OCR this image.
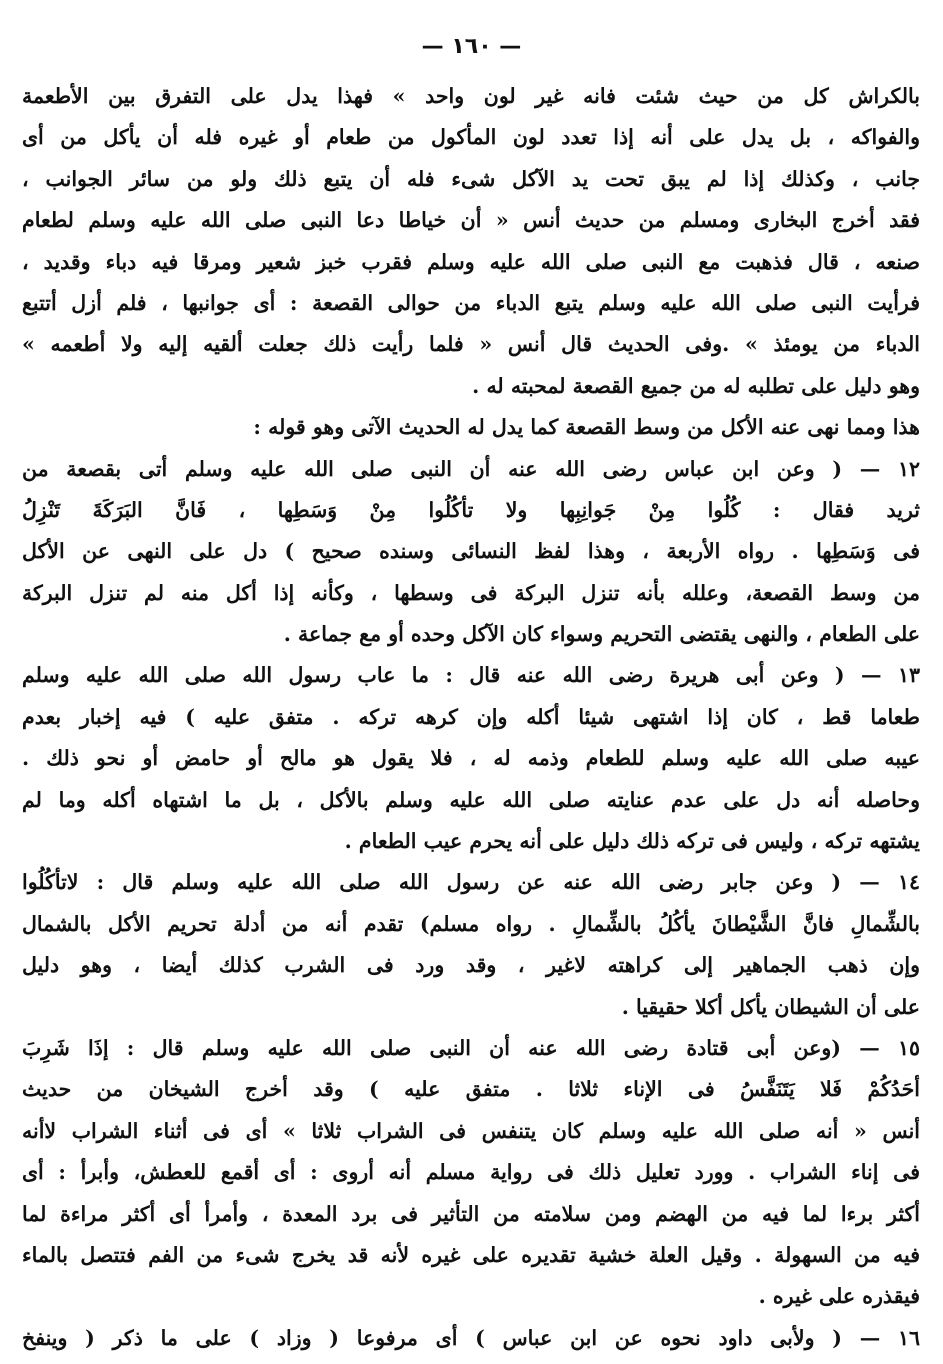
— ١٦٠ —
بالكراش كل من حيث شئت فانه غير لون واحد » فهذا يدل على التفرق بين الأطعمة
والفواكه ، بل يدل على أنه إذا تعدد لون المأكول من طعام أو غيره فله أن يأكل من أى
جانب ، وكذلك إذا لم يبق تحت يد الآكل شىء فله أن يتبع ذلك ولو من سائر الجوانب ،
فقد أخرج البخارى ومسلم من حديث أنس « أن خياطا دعا النبى صلى الله عليه وسلم لطعام
صنعه ، قال فذهبت مع النبى صلى الله عليه وسلم فقرب خبز شعير ومرقا فيه دباء وقديد ،
فرأيت النبى صلى الله عليه وسلم يتبع الدباء من حوالى القصعة : أى جوانبها ، فلم أزل أتتبع
الدباء من يومئذ » .وفى الحديث قال أنس « فلما رأيت ذلك جعلت ألقيه إليه ولا أطعمه »
وهو دليل على تطلبه له من جميع القصعة لمحبته له .
هذا ومما نهى عنه الأكل من وسط القصعة كما يدل له الحديث الآتى وهو قوله :
١٢ — ( وعن ابن عباس رضى الله عنه أن النبى صلى الله عليه وسلم أتى بقصعة من
ثريد فقال : كُلُوا مِنْ جَوانِبِها ولا تأكُلُوا مِنْ وَسَطِها ، فَانَّ البَرَكَةَ تَنْزِلُ
فى وَسَطِها . رواه الأربعة ، وهذا لفظ النسائى وسنده صحيح ) دل على النهى عن الأكل
من وسط القصعة، وعلله بأنه تنزل البركة فى وسطها ، وكأنه إذا أكل منه لم تنزل البركة
على الطعام ، والنهى يقتضى التحريم وسواء كان الآكل وحده أو مع جماعة .
١٣ — ( وعن أبى هريرة رضى الله عنه قال : ما عاب رسول الله صلى الله عليه وسلم
طعاما قط ، كان إذا اشتهى شيئا أكله وإن كرهه تركه . متفق عليه ) فيه إخبار بعدم
عيبه صلى الله عليه وسلم للطعام وذمه له ، فلا يقول هو مالح أو حامض أو نحو ذلك .
وحاصله أنه دل على عدم عنايته صلى الله عليه وسلم بالأكل ، بل ما اشتهاه أكله وما لم
يشتهه تركه ، وليس فى تركه ذلك دليل على أنه يحرم عيب الطعام .
١٤ — ( وعن جابر رضى الله عنه عن رسول الله صلى الله عليه وسلم قال : لاتأكُلُوا
بالشِّمالِ فانَّ الشَّيْطانَ يأكُلُ بالشِّمالِ . رواه مسلم) تقدم أنه من أدلة تحريم الأكل بالشمال
وإن ذهب الجماهير إلى كراهته لاغير ، وقد ورد فى الشرب كذلك أيضا ، وهو دليل
على أن الشيطان يأكل أكلا حقيقيا .
١٥ — (وعن أبى قتادة رضى الله عنه أن النبى صلى الله عليه وسلم قال : إذَا شَرِبَ
أحَدُكُمْ فَلا يَتَنَفَّسُ فى الإناء ثلاثا . متفق عليه ) وقد أخرج الشيخان من حديث
أنس « أنه صلى الله عليه وسلم كان يتنفس فى الشراب ثلاثا » أى فى أثناء الشراب لاأنه
فى إناء الشراب . وورد تعليل ذلك فى رواية مسلم أنه أروى : أى أقمع للعطش، وأبرأ : أى
أكثر برءا لما فيه من الهضم ومن سلامته من التأثير فى برد المعدة ، وأمرأ أى أكثر مراءة لما
فيه من السهولة . وقيل العلة خشية تقديره على غيره لأنه قد يخرج شىء من الفم فتتصل بالماء
فيقذره على غيره .
١٦ — ( ولأبى داود نحوه عن ابن عباس ) أى مرفوعا ( وزاد ) على ما ذكر ( وينفخ
